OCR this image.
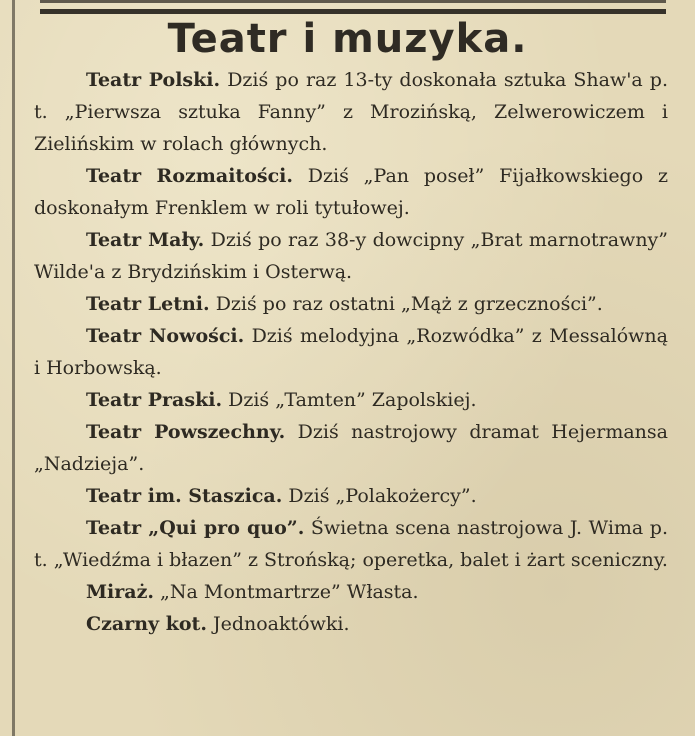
Teatr i muzyka.

Teatr Polski. Dziś po raz 13-ty doskonała sztuka Shaw'a p. t. „Pierwsza sztuka Fanny” z Mrozińską, Zelwerowiczem i Zielińskim w rolach głównych.

Teatr Rozmaitości. Dziś „Pan poseł” Fijałkowskiego z doskonałym Frenklem w roli tytułowej.

Teatr Mały. Dziś po raz 38-y dowcipny „Brat marnotrawny” Wilde'a z Brydzińskim i Osterwą.

Teatr Letni. Dziś po raz ostatni „Mąż z grzeczności”.

Teatr Nowości. Dziś melodyjna „Rozwódka” z Messalówną i Horbowską.

Teatr Praski. Dziś „Tamten” Zapolskiej.

Teatr Powszechny. Dziś nastrojowy dramat Hejermansa „Nadzieja”.

Teatr im. Staszica. Dziś „Polakożercy”.

Teatr „Qui pro quo”. Świetna scena nastrojowa J. Wima p. t. „Wiedźma i błazen” z Strońską; operetka, balet i żart sceniczny.

Miraż. „Na Montmartrze” Własta.

Czarny kot. Jednoaktówki.
